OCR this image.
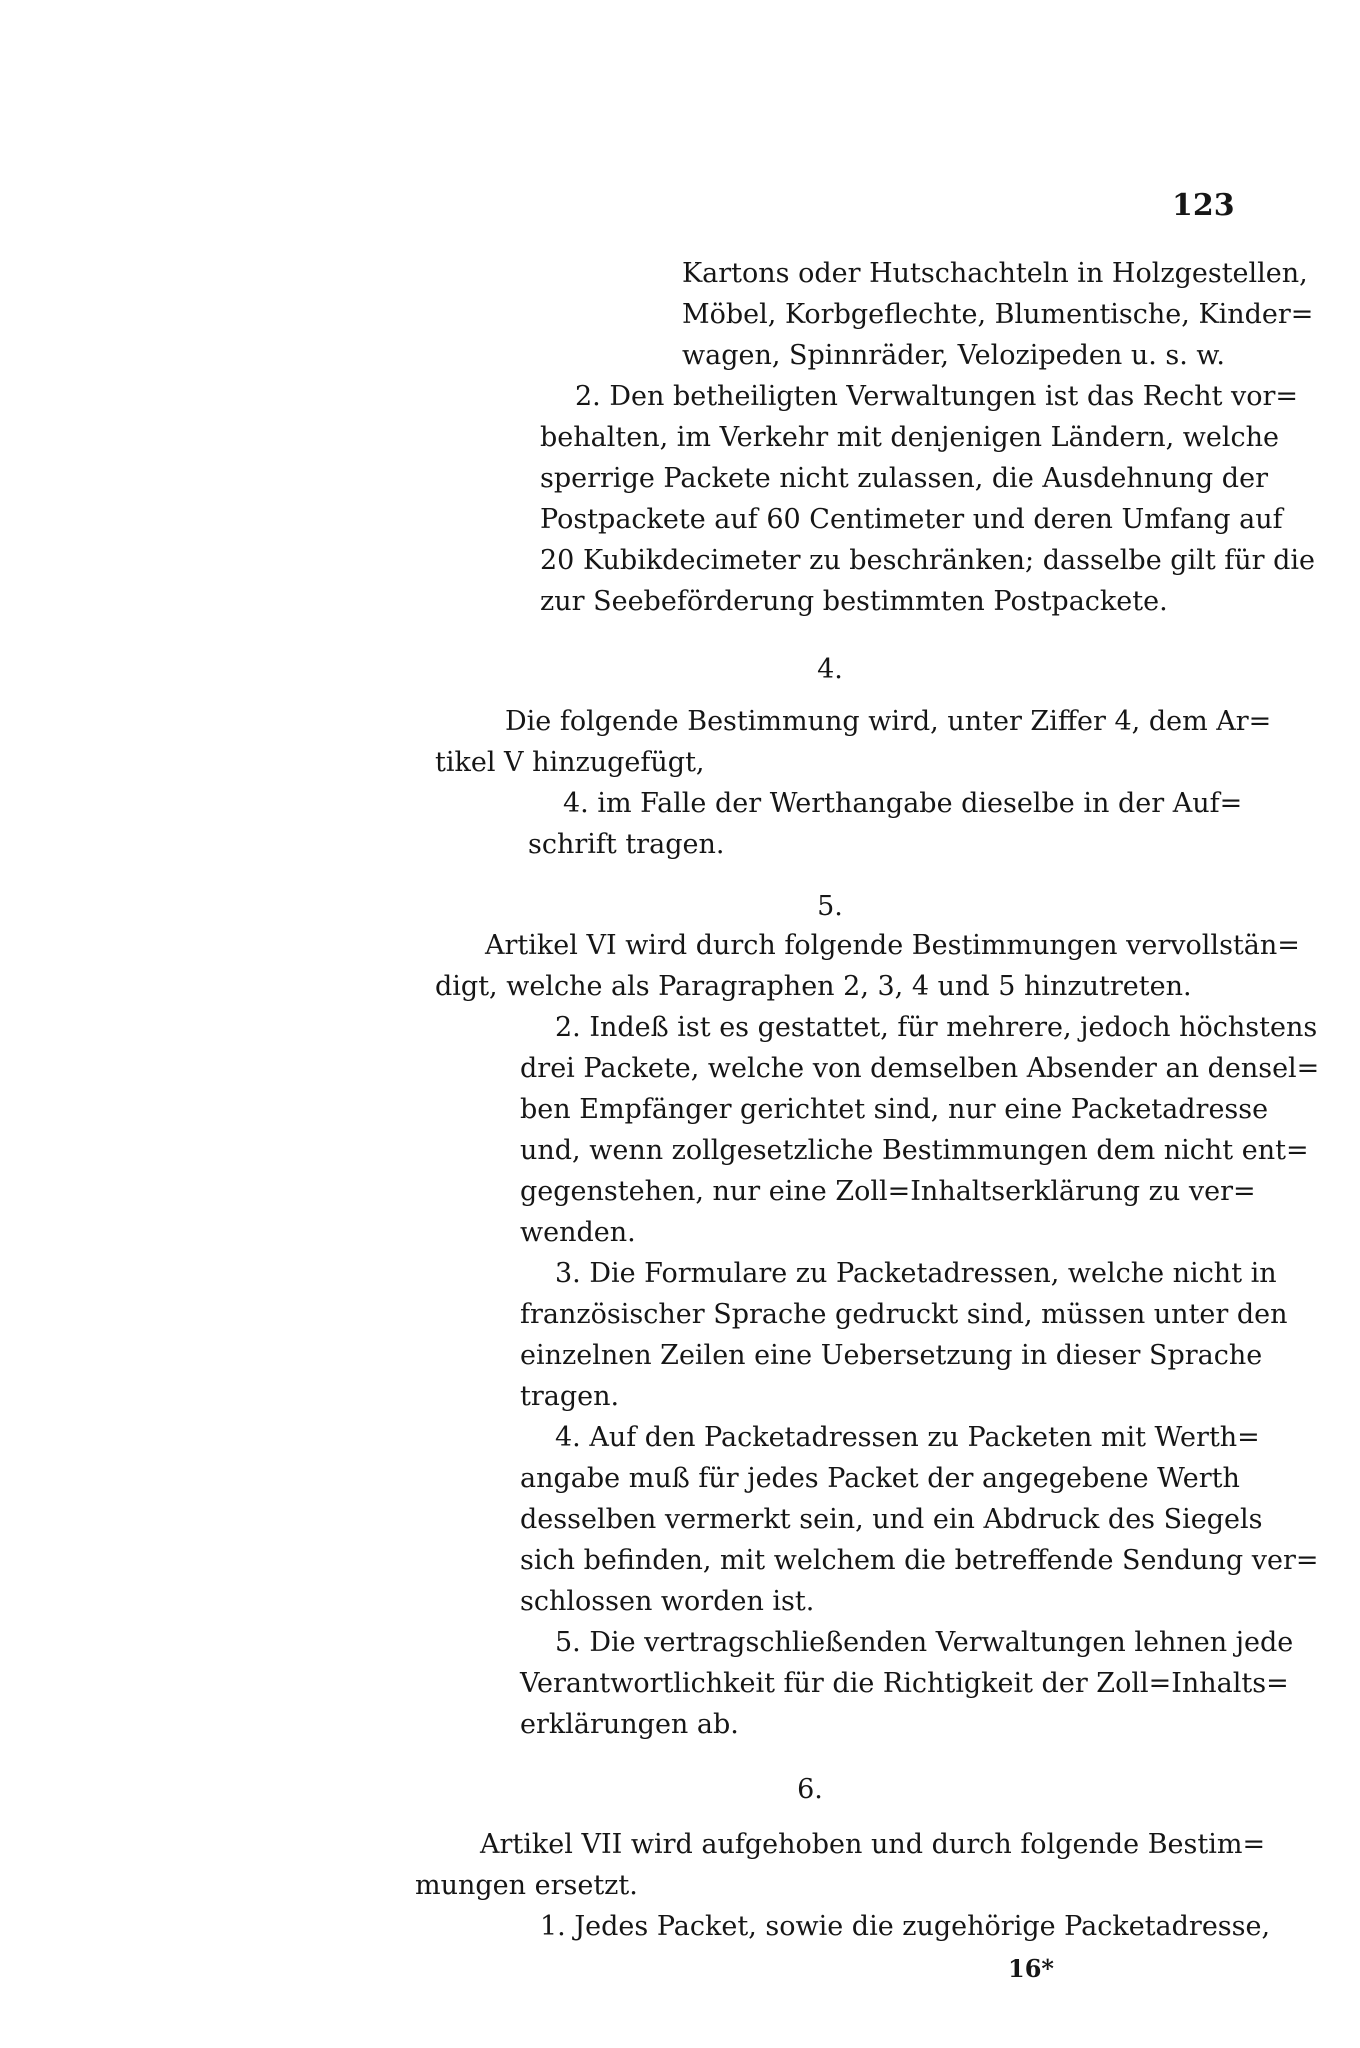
123

Kartons oder Hutschachteln in Holzgestellen,

Möbel, Korbgeflechte, Blumentische, Kinder=

wagen, Spinnräder, Velozipeden u. s. w.

2. Den betheiligten Verwaltungen ist das Recht vor=

behalten, im Verkehr mit denjenigen Ländern, welche

sperrige Packete nicht zulassen, die Ausdehnung der

Postpackete auf 60 Centimeter und deren Umfang auf

20 Kubikdecimeter zu beschränken; dasselbe gilt für die

zur Seebeförderung bestimmten Postpackete.

4.

Die folgende Bestimmung wird, unter Ziffer 4, dem Ar=

tikel V hinzugefügt,

4. im Falle der Werthangabe dieselbe in der Auf=

schrift tragen.

5.

Artikel VI wird durch folgende Bestimmungen vervollstän=

digt, welche als Paragraphen 2, 3, 4 und 5 hinzutreten.

2. Indeß ist es gestattet, für mehrere, jedoch höchstens

drei Packete, welche von demselben Absender an densel=

ben Empfänger gerichtet sind, nur eine Packetadresse

und, wenn zollgesetzliche Bestimmungen dem nicht ent=

gegenstehen, nur eine Zoll=Inhaltserklärung zu ver=

wenden.

3. Die Formulare zu Packetadressen, welche nicht in

französischer Sprache gedruckt sind, müssen unter den

einzelnen Zeilen eine Uebersetzung in dieser Sprache

tragen.

4. Auf den Packetadressen zu Packeten mit Werth=

angabe muß für jedes Packet der angegebene Werth

desselben vermerkt sein, und ein Abdruck des Siegels

sich befinden, mit welchem die betreffende Sendung ver=

schlossen worden ist.

5. Die vertragschließenden Verwaltungen lehnen jede

Verantwortlichkeit für die Richtigkeit der Zoll=Inhalts=

erklärungen ab.

6.

Artikel VII wird aufgehoben und durch folgende Bestim=

mungen ersetzt.

1. Jedes Packet, sowie die zugehörige Packetadresse,

16*
